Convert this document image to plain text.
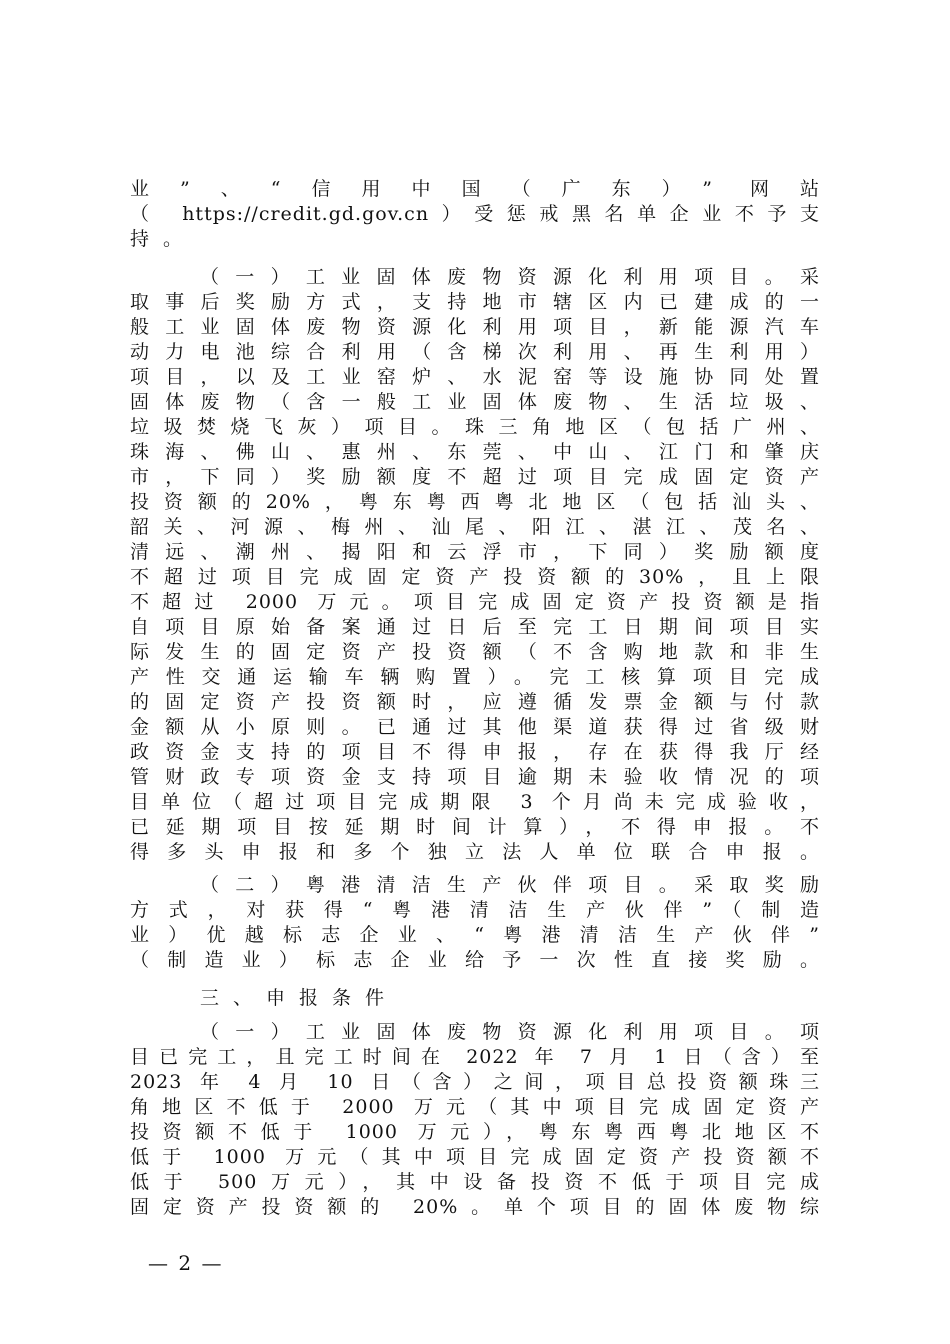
业”、“信用中国（广东）” 网站
（ https://credit.gd.gov.cn）受惩戒黑名单企业不予支
持。
（一）工业固体废物资源化利用项目。采
取事后奖励方式，支持地市辖区内已建成的一
般工业固体废物资源化利用项目，新能源汽车
动力电池综合利用（含梯次利用、再生利用）
项目，以及工业窑炉、水泥窑等设施协同处置
固体废物（含一般工业固体废物、生活垃圾、
垃圾焚烧飞灰）项目。珠三角地区（包括广州、
珠海、佛山、惠州、东莞、中山、江门和肇庆
市，下同）奖励额度不超过项目完成固定资产
投资额的20%，粤东粤西粤北地区（包括汕头、
韶关、河源、梅州、汕尾、阳江、湛江、茂名、
清远、潮州、揭阳和云浮市，下同）奖励额度
不超过项目完成固定资产投资额的30%，且上限
不超过 2000 万元。项目完成固定资产投资额是指
自项目原始备案通过日后至完工日期间项目实
际发生的固定资产投资额（不含购地款和非生
产性交通运输车辆购置）。完工核算项目完成
的固定资产投资额时，应遵循发票金额与付款
金额从小原则。已通过其他渠道获得过省级财
政资金支持的项目不得申报，存在获得我厅经
管财政专项资金支持项目逾期未验收情况的项
目单位（超过项目完成期限 3 个月尚未完成验收，
已延期项目按延期时间计算），不得申报。不
得多头申报和多个独立法人单位联合申报。
（二）粤港清洁生产伙伴项目。采取奖励
方式，对获得“粤港清洁生产伙伴”（制造
业）优越标志企业、“粤港清洁生产伙伴”
（制造业）标志企业给予一次性直接奖励。
三、申报条件
（一）工业固体废物资源化利用项目。项
目已完工，且完工时间在 2022 年 7 月 1 日（含）至
2023 年 4 月 10 日（含）之间，项目总投资额珠三
角地区不低于 2000 万元（其中项目完成固定资产
投资额不低于 1000 万元），粤东粤西粤北地区不
低于 1000 万元（其中项目完成固定资产投资额不
低于 500万元），其中设备投资不低于项目完成
固定资产投资额的 20%。单个项目的固体废物综
— 2 —
